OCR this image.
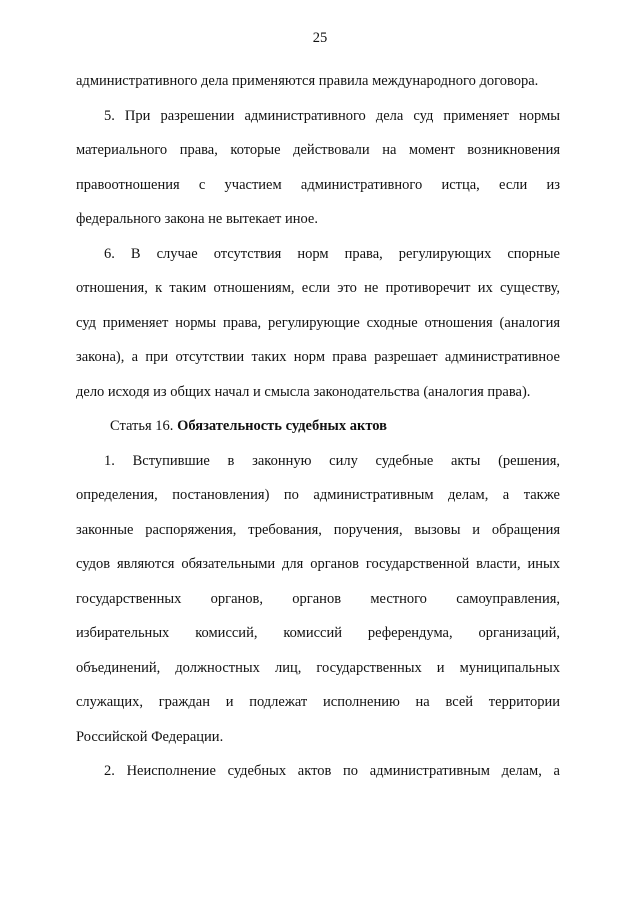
25
административного дела применяются правила международного договора.
5. При разрешении административного дела суд применяет нормы
материального права, которые действовали на момент возникновения
правоотношения с участием административного истца, если из
федерального закона не вытекает иное.
6. В случае отсутствия норм права, регулирующих спорные
отношения, к таким отношениям, если это не противоречит их существу,
суд применяет нормы права, регулирующие сходные отношения (аналогия
закона), а при отсутствии таких норм права разрешает административное
дело исходя из общих начал и смысла законодательства (аналогия права).
Статья 16. Обязательность судебных актов
1. Вступившие в законную силу судебные акты (решения,
определения, постановления) по административным делам, а также
законные распоряжения, требования, поручения, вызовы и обращения
судов являются обязательными для органов государственной власти, иных
государственных органов, органов местного самоуправления,
избирательных комиссий, комиссий референдума, организаций,
объединений, должностных лиц, государственных и муниципальных
служащих, граждан и подлежат исполнению на всей территории
Российской Федерации.
2. Неисполнение судебных актов по административным делам, а
